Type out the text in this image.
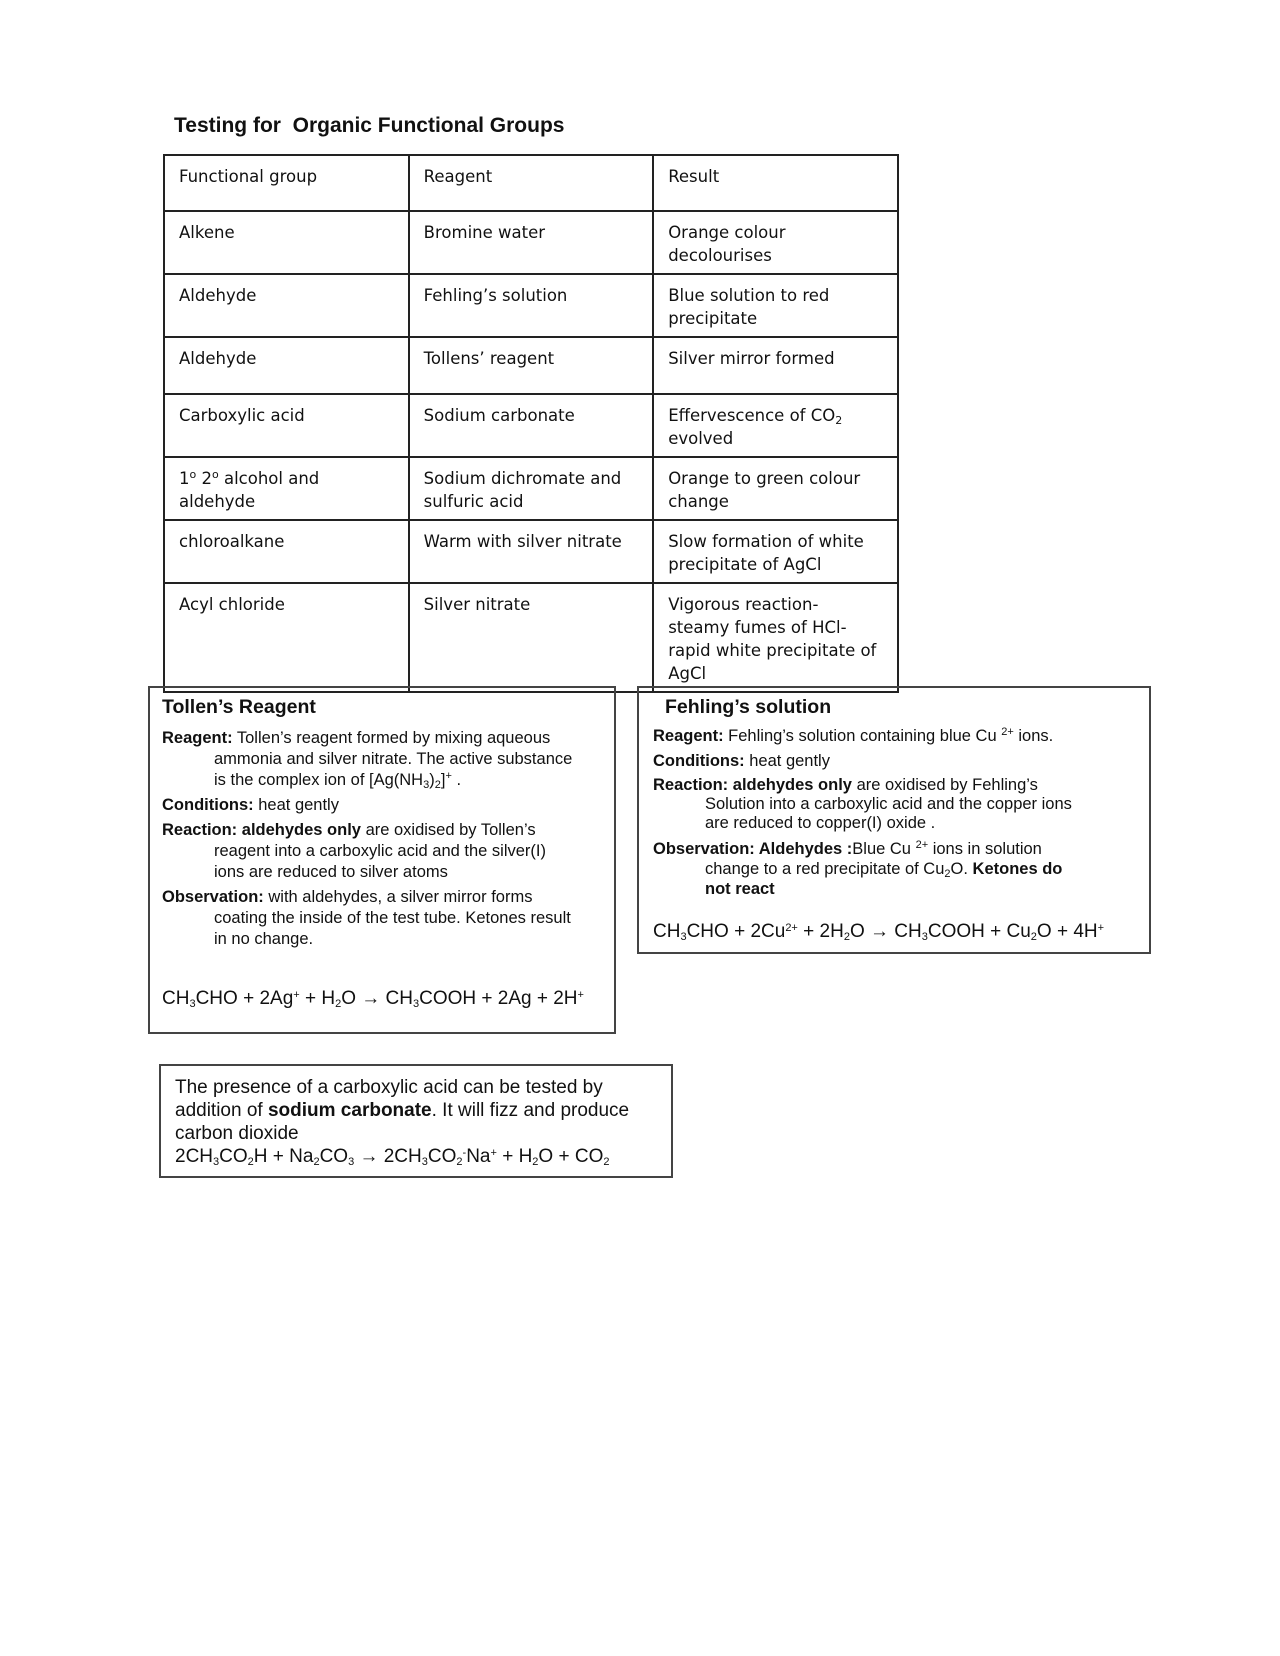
Testing for  Organic Functional Groups
Functional group	Reagent	Result
Alkene	Bromine water	Orange colour decolourises
Aldehyde	Fehling’s solution	Blue solution to red precipitate
Aldehyde	Tollens’ reagent	Silver mirror formed
Carboxylic acid	Sodium carbonate	Effervescence of $CO_2$ evolved
1$^o$ 2$^o$ alcohol and aldehyde	Sodium dichromate and sulfuric acid	Orange to green colour change
chloroalkane	Warm with silver nitrate	Slow formation of white precipitate of AgCl
Acyl chloride	Silver nitrate	Vigorous reaction- steamy fumes of HCl- rapid white precipitate of AgCl
Tollen’s Reagent
Reagent: Tollen’s reagent formed by mixing aqueous
ammonia and silver nitrate. The active substance
is the complex ion of $[Ag(NH_3)_2]^+$ .
Conditions: heat gently
Reaction: aldehydes only are oxidised by Tollen’s
reagent into a carboxylic acid and the silver(I)
ions are reduced to silver atoms
Observation: with aldehydes, a silver mirror forms
coating the inside of the test tube. Ketones result
in no change.
$CH_3CHO + 2Ag^+ + H_2O$ → $CH_3COOH + 2Ag + 2H^+$
Fehling’s solution
Reagent: Fehling’s solution containing blue Cu $^{2+}$ ions.
Conditions: heat gently
Reaction: aldehydes only are oxidised by Fehling’s
Solution into a carboxylic acid and the copper ions
are reduced to copper(I) oxide .
Observation: Aldehydes :Blue Cu $^{2+}$ ions in solution
change to a red precipitate of $Cu_2O$. Ketones do
not react
$CH_3CHO + 2Cu^{2+} + 2H_2O$ → $CH_3COOH + Cu_2O + 4H^+$
The presence of a carboxylic acid can be tested by
addition of sodium carbonate. It will fizz and produce
carbon dioxide
$2CH_3CO_2H + Na_2CO_3 \to 2CH_3CO_2^-Na^+ + H_2O + CO_2$
